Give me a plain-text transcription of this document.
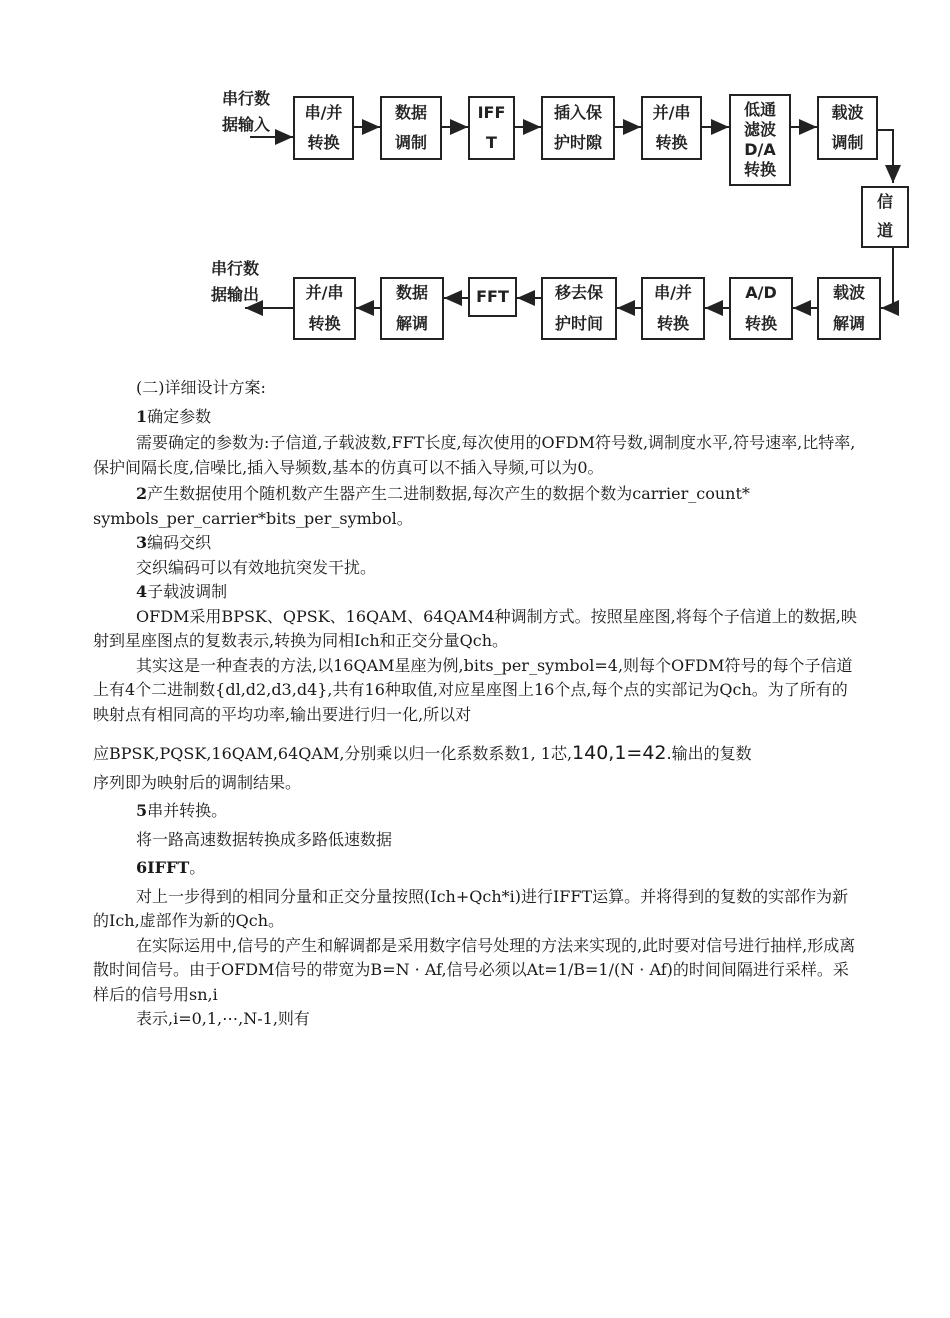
串行数
据输入
串行数
据输出
串/并
转换
数据
调制
IFF
T
插入保
护时隙
并/串
转换
低通
滤波
D/A
转换
载波
调制
信
道
并/串
转换
数据
解调
FFT	移去保
护时间
串/并
转换
A/D
转换
载波
解调

(二)详细设计方案:

1确定参数

需要确定的参数为:子信道,子载波数,FFT长度,每次使用的OFDM符号数,调制度水平,符号速率,比特率,保护间隔长度,信噪比,插入导频数,基本的仿真可以不插入导频,可以为0。

2产生数据使用个随机数产生器产生二进制数据,每次产生的数据个数为carrier_count* symbols_per_carrier*bits_per_symbol。

3编码交织

交织编码可以有效地抗突发干扰。

4子载波调制

OFDM采用BPSK、QPSK、16QAM、64QAM4种调制方式。按照星座图,将每个子信道上的数据,映射到星座图点的复数表示,转换为同相Ich和正交分量Qch。

其实这是一种查表的方法,以16QAM星座为例,bits_per_symbol=4,则每个OFDM符号的每个子信道上有4个二进制数{dl,d2,d3,d4},共有16种取值,对应星座图上16个点,每个点的实部记为Qch。为了所有的映射点有相同高的平均功率,输出要进行归一化,所以对

应BPSK,PQSK,16QAM,64QAM,分别乘以归一化系数系数1, 1芯,140,1=42.输出的复数

序列即为映射后的调制结果。

5串并转换。

将一路高速数据转换成多路低速数据

6IFFT。

对上一步得到的相同分量和正交分量按照(Ich+Qch*i)进行IFFT运算。并将得到的复数的实部作为新的Ich,虚部作为新的Qch。

在实际运用中,信号的产生和解调都是采用数字信号处理的方法来实现的,此时要对信号进行抽样,形成离散时间信号。由于OFDM信号的带宽为B=N · Af,信号必须以At=1/B=1/(N · Af)的时间间隔进行采样。采样后的信号用sn,i

表示,i=0,1,⋯,N-1,则有
